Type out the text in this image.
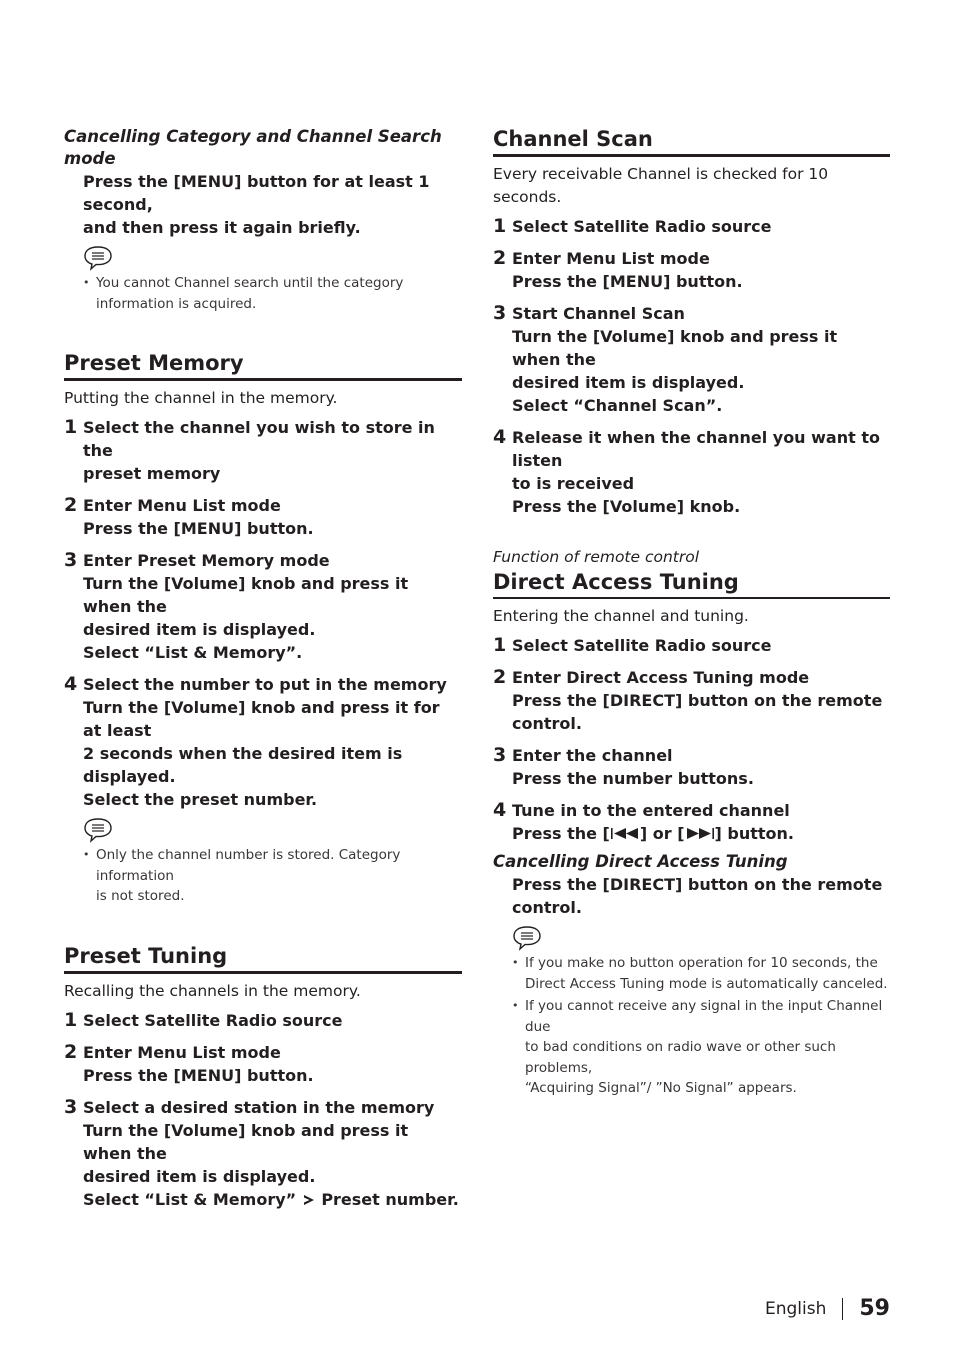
Cancelling Category and Channel Search mode

Press the [MENU] button for at least 1 second,
and then press it again briefly.
• You cannot Channel search until the category
information is acquired.
Preset Memory

Putting the channel in the memory.

1 Select the channel you wish to store in the
preset memory
2 Enter Menu List mode
Press the [MENU] button.
3 Enter Preset Memory mode
Turn the [Volume] knob and press it when the
desired item is displayed.
Select “List & Memory”.
4 Select the number to put in the memory
Turn the [Volume] knob and press it for at least
2 seconds when the desired item is displayed.
Select the preset number.
• Only the channel number is stored. Category information
is not stored.
Preset Tuning

Recalling the channels in the memory.

1 Select Satellite Radio source
2 Enter Menu List mode
Press the [MENU] button.
3 Select a desired station in the memory
Turn the [Volume] knob and press it when the
desired item is displayed.
Select “List & Memory” Preset number.
Channel Scan

Every receivable Channel is checked for 10 seconds.

1 Select Satellite Radio source
2 Enter Menu List mode
Press the [MENU] button.
3 Start Channel Scan
Turn the [Volume] knob and press it when the
desired item is displayed.
Select “Channel Scan”.
4 Release it when the channel you want to listen
to is received
Press the [Volume] knob.
Function of remote control
Direct Access Tuning

Entering the channel and tuning.

1 Select Satellite Radio source
2 Enter Direct Access Tuning mode
Press the [DIRECT] button on the remote
control.
3 Enter the channel
Press the number buttons.
4 Tune in to the entered channel
Press the [ ] or [ ] button.

Cancelling Direct Access Tuning

Press the [DIRECT] button on the remote
control.
• If you make no button operation for 10 seconds, the
Direct Access Tuning mode is automatically canceled.
• If you cannot receive any signal in the input Channel due
to bad conditions on radio wave or other such problems,
“Acquiring Signal”/ ”No Signal” appears.
English 59
